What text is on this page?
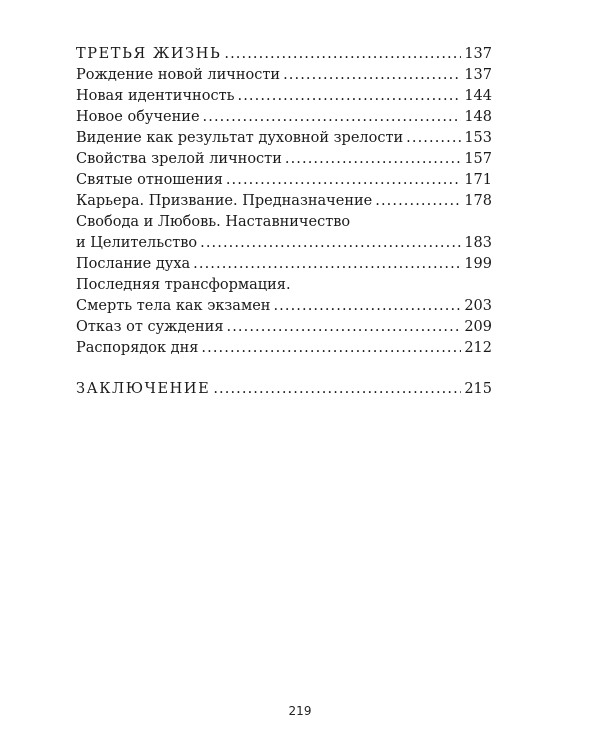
ТРЕТЬЯ ЖИЗНЬ .....	137
Рождение новой личности .....	137
Новая идентичность .....	144
Новое обучение .....	148
Видение как результат духовной зрелости .....	153
Свойства зрелой личности .....	157
Святые отношения .....	171
Карьера. Призвание. Предназначение .....	178
Свобода и Любовь. Наставничество
и Целительство .....	183
Послание духа .....	199
Последняя трансформация.
Смерть тела как экзамен .....	203
Отказ от суждения .....	209
Распорядок дня .....	212
ЗАКЛЮЧЕНИЕ .....	215
219
